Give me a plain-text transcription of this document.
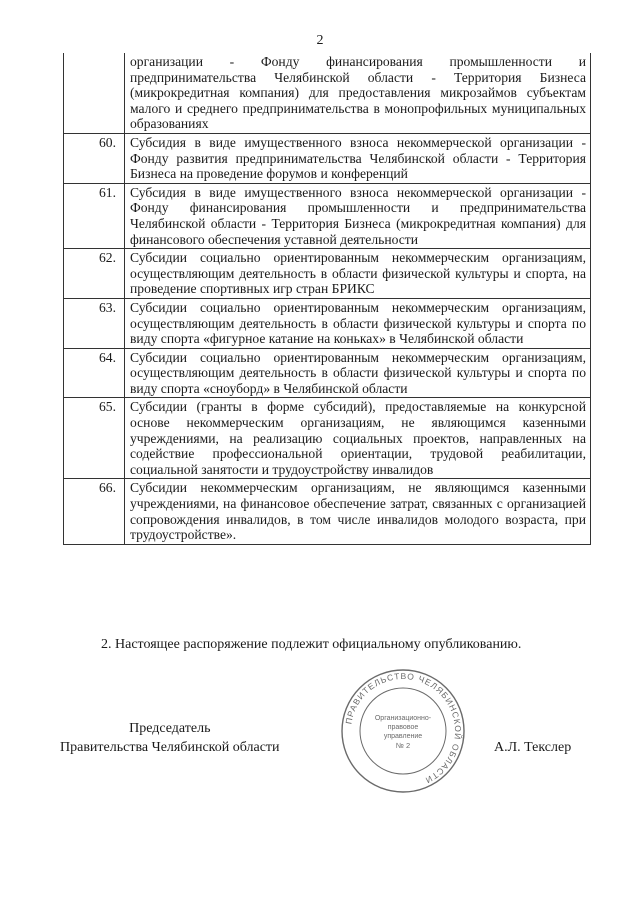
2
	организации - Фонду финансирования промышленности и предпринимательства Челябинской области - Территория Бизнеса (микрокредитная компания) для предоставления микрозаймов субъектам малого и среднего предпринимательства в монопрофильных муниципальных образованиях
60.	Субсидия в виде имущественного взноса некоммерческой организации - Фонду развития предпринимательства Челябинской области - Территория Бизнеса на проведение форумов и конференций
61.	Субсидия в виде имущественного взноса некоммерческой организации - Фонду финансирования промышленности и предпринимательства Челябинской области - Территория Бизнеса (микрокредитная компания) для финансового обеспечения уставной деятельности
62.	Субсидии социально ориентированным некоммерческим организациям, осуществляющим деятельность в области физической культуры и спорта, на проведение спортивных игр стран БРИКС
63.	Субсидии социально ориентированным некоммерческим организациям, осуществляющим деятельность в области физической культуры и спорта по виду спорта «фигурное катание на коньках» в Челябинской области
64.	Субсидии социально ориентированным некоммерческим организациям, осуществляющим деятельность в области физической культуры и спорта по виду спорта «сноуборд» в Челябинской области
65.	Субсидии (гранты в форме субсидий), предоставляемые на конкурсной основе некоммерческим организациям, не являющимся казенными учреждениями, на реализацию социальных проектов, направленных на содействие профессиональной ориентации, трудовой реабилитации, социальной занятости и трудоустройству инвалидов
66.	Субсидии некоммерческим организациям, не являющимся казенными учреждениями, на финансовое обеспечение затрат, связанных с организацией сопровождения инвалидов, в том числе инвалидов молодого возраста, при трудоустройстве».
2. Настоящее распоряжение подлежит официальному опубликованию.
Председатель
Правительства Челябинской области
ПРАВИТЕЛЬСТВО ЧЕЛЯБИНСКОЙ ОБЛАСТИ
Организационно-
правовое
управление
№ 2	А.Л. Текслер
